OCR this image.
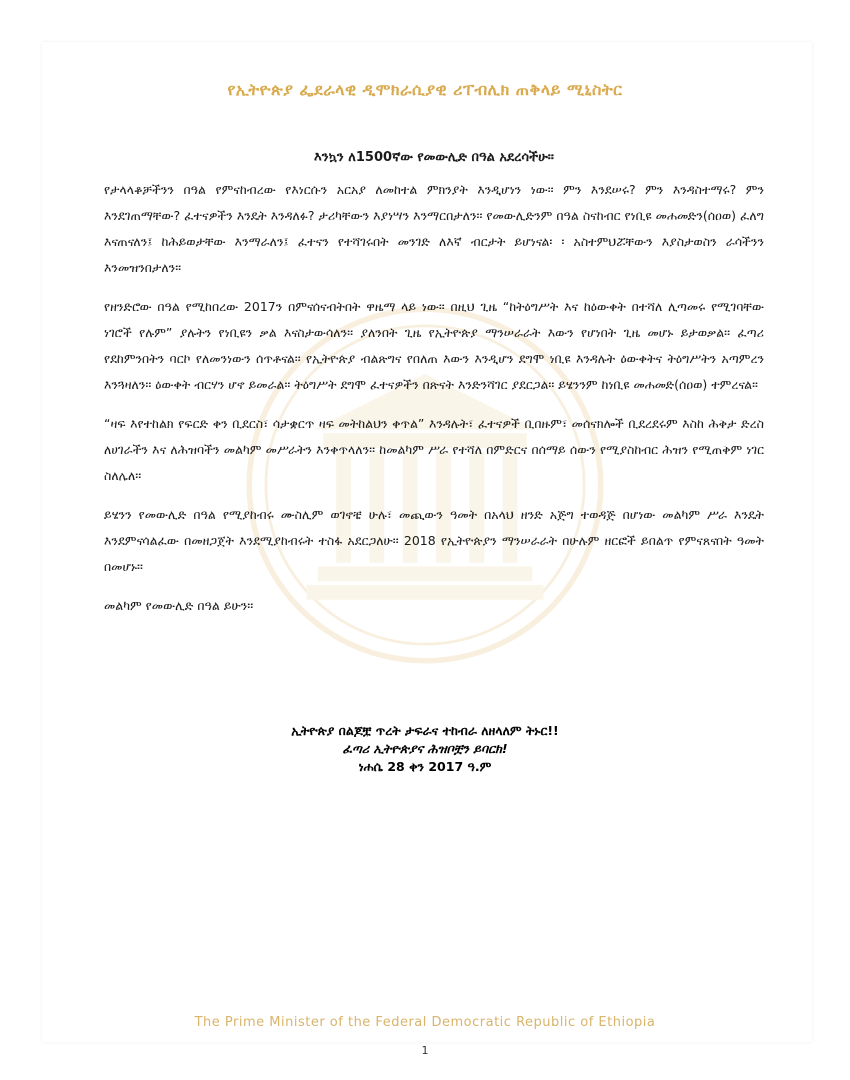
የኢትዮጵያ ፌደራላዊ ዲሞክራሲያዊ ሪፐብሊክ ጠቅላይ ሚኒስትር

እንኳን ለ1500ኛው የመውሊድ በዓል አደረሳችሁ፡፡

የታላላቆቻችንን በዓል የምናከብረው የእነርሱን አርአያ ለመከተል ምክንያት እንዲሆነን ነው፡፡ ምን እንደሠሩ? ምን እንዳስተማሩ? ምን እንደገጠማቸው? ፈተናዎችን እንዴት እንዳለፉ? ታሪካቸውን እያነሣን እንማርበታለን፡፡ የመውሊድንም በዓል ስናከብር የነቢዩ መሐመድን(ሰዐወ) ፈለግ እናጠናለን፤ ከሕይወታቸው እንማራለን፤ ፈተናን የተሻገሩበት መንገድ ለእኛ ብርታት ይሆነናል፡ ፡ አስተምህሯቸውን እያስታወስን ራሳችንን እንመዝንበታለን፡፡

የዘንድሮው በዓል የሚከበረው 2017ን በምናሰናብትበት ዋዜማ ላይ ነው፡፡ በዚህ ጊዜ “ከትዕግሥት እና ከዕውቀት በተሻለ ሊጣመሩ የሚገባቸው ነገሮች የሉም” ያሉትን የነቢዩን ቃል እናስታውሳለን፡፡ ያለንበት ጊዜ የኢትዮጵያ ማንሠራራት እውን የሆነበት ጊዜ መሆኑ ይታወቃል፡፡ ፈጣሪ የደከምንበትን ባርኮ የለመንነውን ሰጥቶናል፡፡ የኢትዮጵያ ብልጽግና የበለጠ እውን እንዲሆን ደግሞ ነቢዩ እንዳሉት ዕውቀትና ትዕግሥትን አጣምረን እንጓዛለን፡፡ ዕውቀት ብርሃን ሆኖ ይመራል፡፡ ትዕግሥት ደግሞ ፈተናዎችን በጽናት እንድንሻገር ያደርጋል፡፡ ይሄንንም ከነቢዩ መሐመድ(ሰዐወ) ተምረናል፡፡

“ዛፍ እየተከልክ የፍርድ ቀን ቢደርስ፣ ሳታቋርጥ ዛፍ መትከልህን ቀጥል” እንዳሉት፣ ፈተናዎች ቢበዙም፣ መሰናክሎች ቢደረደሩም እስከ ሕቅታ ድረስ ለሀገራችን እና ለሕዝባችን መልካም መሥራትን እንቀጥላለን፡፡ ከመልካም ሥራ የተሻለ በምድርና በሰማይ ሰውን የሚያስከብር ሕዝን የሚጠቅም ነገር ስለሌለ፡፡

ይሄንን የመውሊድ በዓል የሚያከብሩ ሙስሊም ወገኖቼ ሁሉ፣ መጪውን ዓመት በአላህ ዘንድ አጅግ ተወዳጅ በሆነው መልካም ሥራ እንዴት እንደምናሳልፈው በመዘጋጀት እንደሚያከብሩት ተስፋ አደርጋለሁ፡፡ 2018 የኢትዮጵያን ማንሠራራት በሁሉም ዘርፎች ይበልጥ የምናጸናበት ዓመት በመሆኑ፡፡

መልካም የመውሊድ በዓል ይሁን፡፡

ኢትዮጵያ በልጆቿ ጥረት ታፍራና ተከብራ ለዘላለም ትኑር!!
ፈጣሪ ኢትዮጵያና ሕዝቦቿን ይባርክ!
ነሐሴ 28 ቀን 2017 ዓ.ም
The Prime Minister of the Federal Democratic Republic of Ethiopia
1
